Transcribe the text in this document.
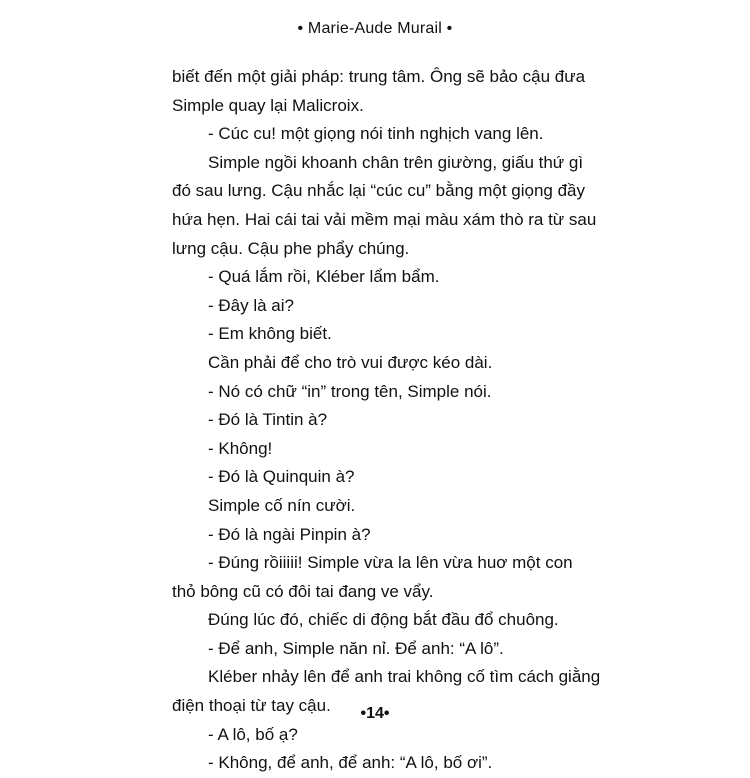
• Marie-Aude Murail •
biết đến một giải pháp: trung tâm. Ông sẽ bảo cậu đưa
Simple quay lại Malicroix.
- Cúc cu! một giọng nói tinh nghịch vang lên.
Simple ngồi khoanh chân trên giường, giấu thứ gì
đó sau lưng. Cậu nhắc lại “cúc cu” bằng một giọng đầy
hứa hẹn. Hai cái tai vải mềm mại màu xám thò ra từ sau
lưng cậu. Cậu phe phẩy chúng.
- Quá lắm rồi, Kléber lẩm bẩm.
- Đây là ai?
- Em không biết.
Cần phải để cho trò vui được kéo dài.
- Nó có chữ “in” trong tên, Simple nói.
- Đó là Tintin à?
- Không!
- Đó là Quinquin à?
Simple cố nín cười.
- Đó là ngài Pinpin à?
- Đúng rồiiiii! Simple vừa la lên vừa huơ một con
thỏ bông cũ có đôi tai đang ve vẩy.
Đúng lúc đó, chiếc di động bắt đầu đổ chuông.
- Để anh, Simple năn nỉ. Để anh: “A lô”.
Kléber nhảy lên để anh trai không cố tìm cách giằng
điện thoại từ tay cậu.
- A lô, bố ạ?
- Không, để anh, để anh: “A lô, bố ơi”.
•14•
